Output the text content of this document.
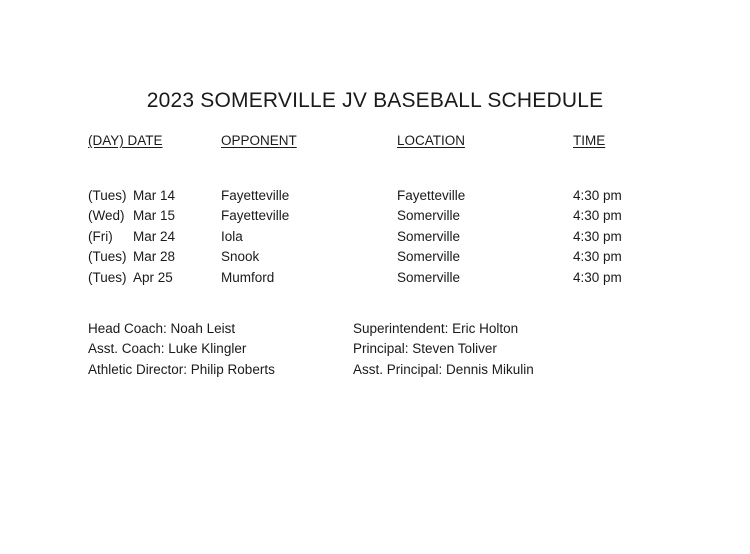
2023 SOMERVILLE JV BASEBALL SCHEDULE
(DAY) DATE	OPPONENT	LOCATION	TIME
(Tues) Mar 14	Fayetteville	Fayetteville	4:30 pm
(Wed) Mar 15	Fayetteville	Somerville	4:30 pm
(Fri) Mar 24	Iola	Somerville	4:30 pm
(Tues) Mar 28	Snook	Somerville	4:30 pm
(Tues) Apr 25	Mumford	Somerville	4:30 pm
Head Coach: Noah Leist
Asst. Coach: Luke Klingler
Athletic Director: Philip Roberts
Superintendent: Eric Holton
Principal: Steven Toliver
Asst. Principal: Dennis Mikulin
